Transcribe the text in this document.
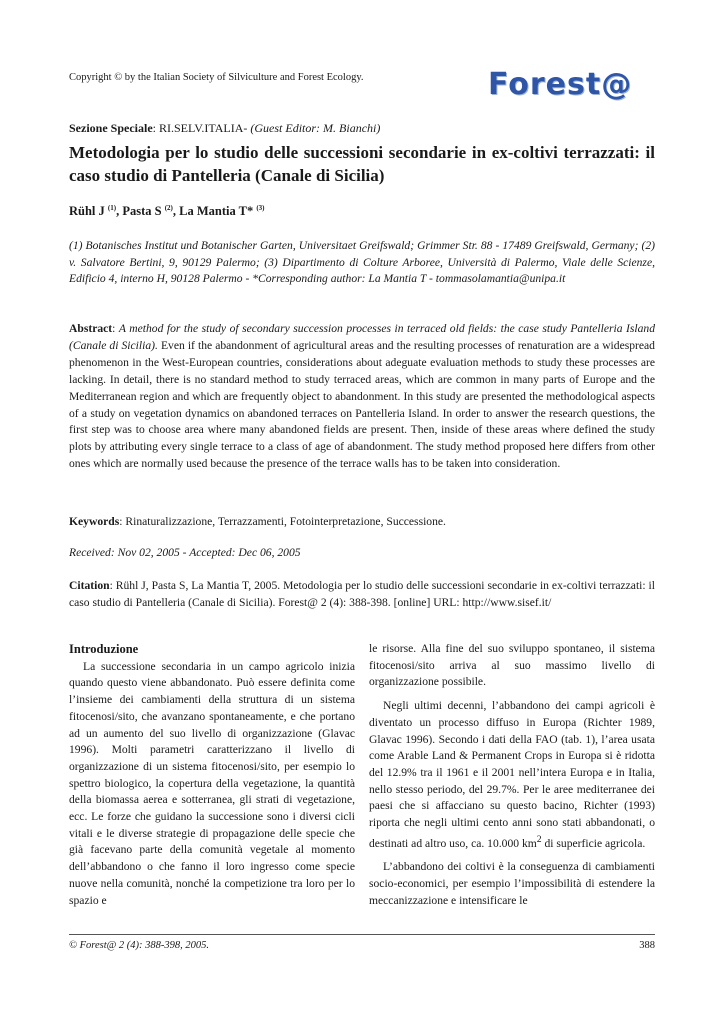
Copyright © by the Italian Society of Silviculture and Forest Ecology.	Forest@
Sezione Speciale: RI.SELV.ITALIA- (Guest Editor: M. Bianchi)
Metodologia per lo studio delle successioni secondarie in ex-coltivi terrazzati: il caso studio di Pantelleria (Canale di Sicilia)
Rühl J $^{(1)}$, Pasta S $^{(2)}$, La Mantia T* $^{(3)}$
(1) Botanisches Institut und Botanischer Garten, Universitaet Greifswald; Grimmer Str. 88 - 17489 Greifswald, Germany; (2) v. Salvatore Bertini, 9, 90129 Palermo; (3) Dipartimento di Colture Arboree, Università di Palermo, Viale delle Scienze, Edificio 4, interno H, 90128 Palermo - *Corresponding author: La Mantia T - tommasolamantia@unipa.it
Abstract: A method for the study of secondary succession processes in terraced old fields: the case study Pantelleria Island (Canale di Sicilia). Even if the abandonment of agricultural areas and the resulting processes of renaturation are a widespread phenomenon in the West-European countries, considerations about adeguate evaluation methods to study these processes are lacking. In detail, there is no standard method to study terraced areas, which are common in many parts of Europe and the Mediterranean region and which are frequently object to abandonment. In this study are presented the methodological aspects of a study on vegetation dynamics on abandoned terraces on Pantelleria Island. In order to answer the research questions, the first step was to choose area where many abandoned fields are present. Then, inside of these areas where defined the study plots by attributing every single terrace to a class of age of abandonment. The study method proposed here differs from other ones which are normally used because the presence of the terrace walls has to be taken into consideration.
Keywords: Rinaturalizzazione, Terrazzamenti, Fotointerpretazione, Successione.
Received: Nov 02, 2005 - Accepted: Dec 06, 2005
Citation: Rühl J, Pasta S, La Mantia T, 2005. Metodologia per lo studio delle successioni secondarie in ex-coltivi terrazzati: il caso studio di Pantelleria (Canale di Sicilia). Forest@ 2 (4): 388-398. [online] URL: http://www.sisef.it/
Introduzione

La successione secondaria in un campo agricolo inizia quando questo viene abbandonato. Può essere definita come l’insieme dei cambiamenti della struttura di un sistema fitocenosi/sito, che avanzano spontaneamente, e che portano ad un aumento del suo livello di organizzazione (Glavac 1996). Molti parametri caratterizzano il livello di organizzazione di un sistema fitocenosi/sito, per esempio lo spettro biologico, la copertura della vegetazione, la quantità della biomassa aerea e sotterranea, gli strati di vegetazione, ecc. Le forze che guidano la successione sono i diversi cicli vitali e le diverse strategie di propagazione delle specie che già facevano parte della comunità vegetale al momento dell’abbandono o che fanno il loro ingresso come specie nuove nella comunità, nonché la competizione tra loro per lo spazio e

le risorse. Alla fine del suo sviluppo spontaneo, il sistema fitocenosi/sito arriva al suo massimo livello di organizzazione possibile.

Negli ultimi decenni, l’abbandono dei campi agricoli è diventato un processo diffuso in Europa (Richter 1989, Glavac 1996). Secondo i dati della FAO (tab. 1), l’area usata come Arable Land & Permanent Crops in Europa si è ridotta del 12.9% tra il 1961 e il 2001 nell’intera Europa e in Italia, nello stesso periodo, del 29.7%. Per le aree mediterranee dei paesi che si affacciano su questo bacino, Richter (1993) riporta che negli ultimi cento anni sono stati abbandonati, o destinati ad altro uso, ca. 10.000 $km^2$ di superficie agricola.

L’abbandono dei coltivi è la conseguenza di cambiamenti socio-economici, per esempio l’impossibilità di estendere la meccanizzazione e intensificare le

© Forest@ 2 (4): 388-398, 2005.	388
